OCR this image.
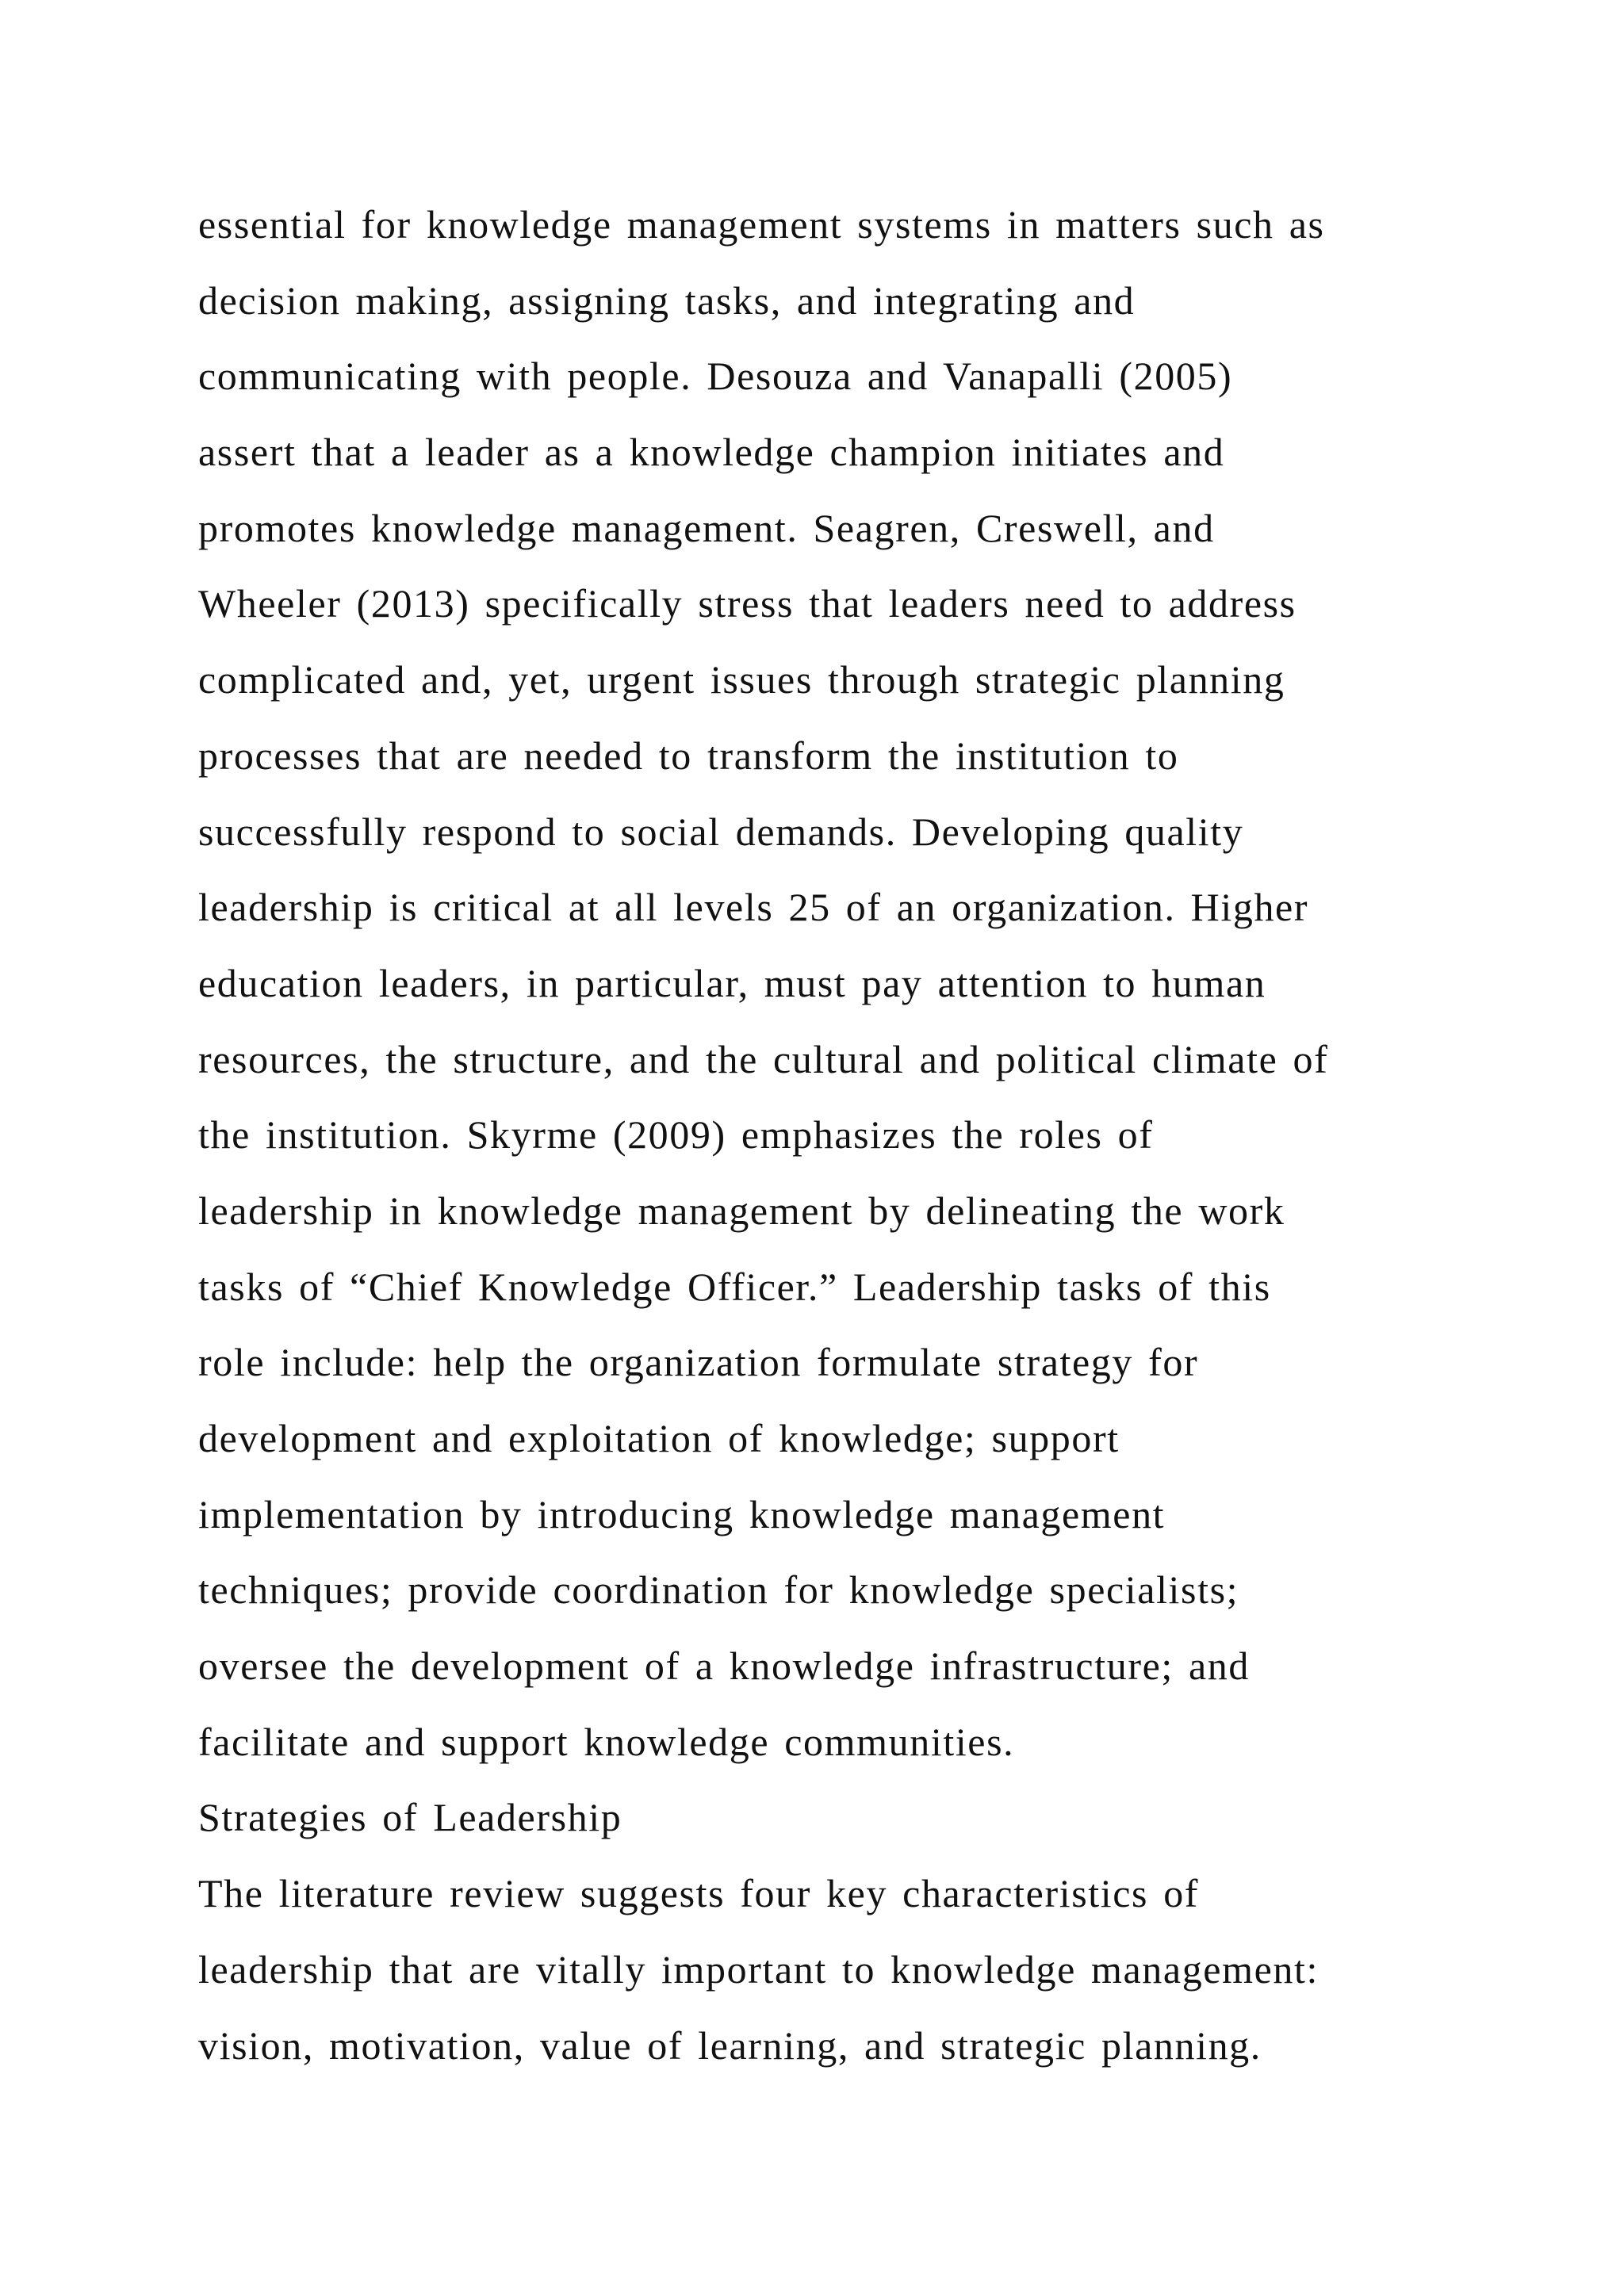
essential for knowledge management systems in matters such as
decision making, assigning tasks, and integrating and
communicating with people. Desouza and Vanapalli (2005)
assert that a leader as a knowledge champion initiates and
promotes knowledge management. Seagren, Creswell, and
Wheeler (2013) specifically stress that leaders need to address
complicated and, yet, urgent issues through strategic planning
processes that are needed to transform the institution to
successfully respond to social demands. Developing quality
leadership is critical at all levels 25 of an organization. Higher
education leaders, in particular, must pay attention to human
resources, the structure, and the cultural and political climate of
the institution. Skyrme (2009) emphasizes the roles of
leadership in knowledge management by delineating the work
tasks of “Chief Knowledge Officer.” Leadership tasks of this
role include: help the organization formulate strategy for
development and exploitation of knowledge; support
implementation by introducing knowledge management
techniques; provide coordination for knowledge specialists;
oversee the development of a knowledge infrastructure; and
facilitate and support knowledge communities.
Strategies of Leadership
The literature review suggests four key characteristics of
leadership that are vitally important to knowledge management:
vision, motivation, value of learning, and strategic planning.
